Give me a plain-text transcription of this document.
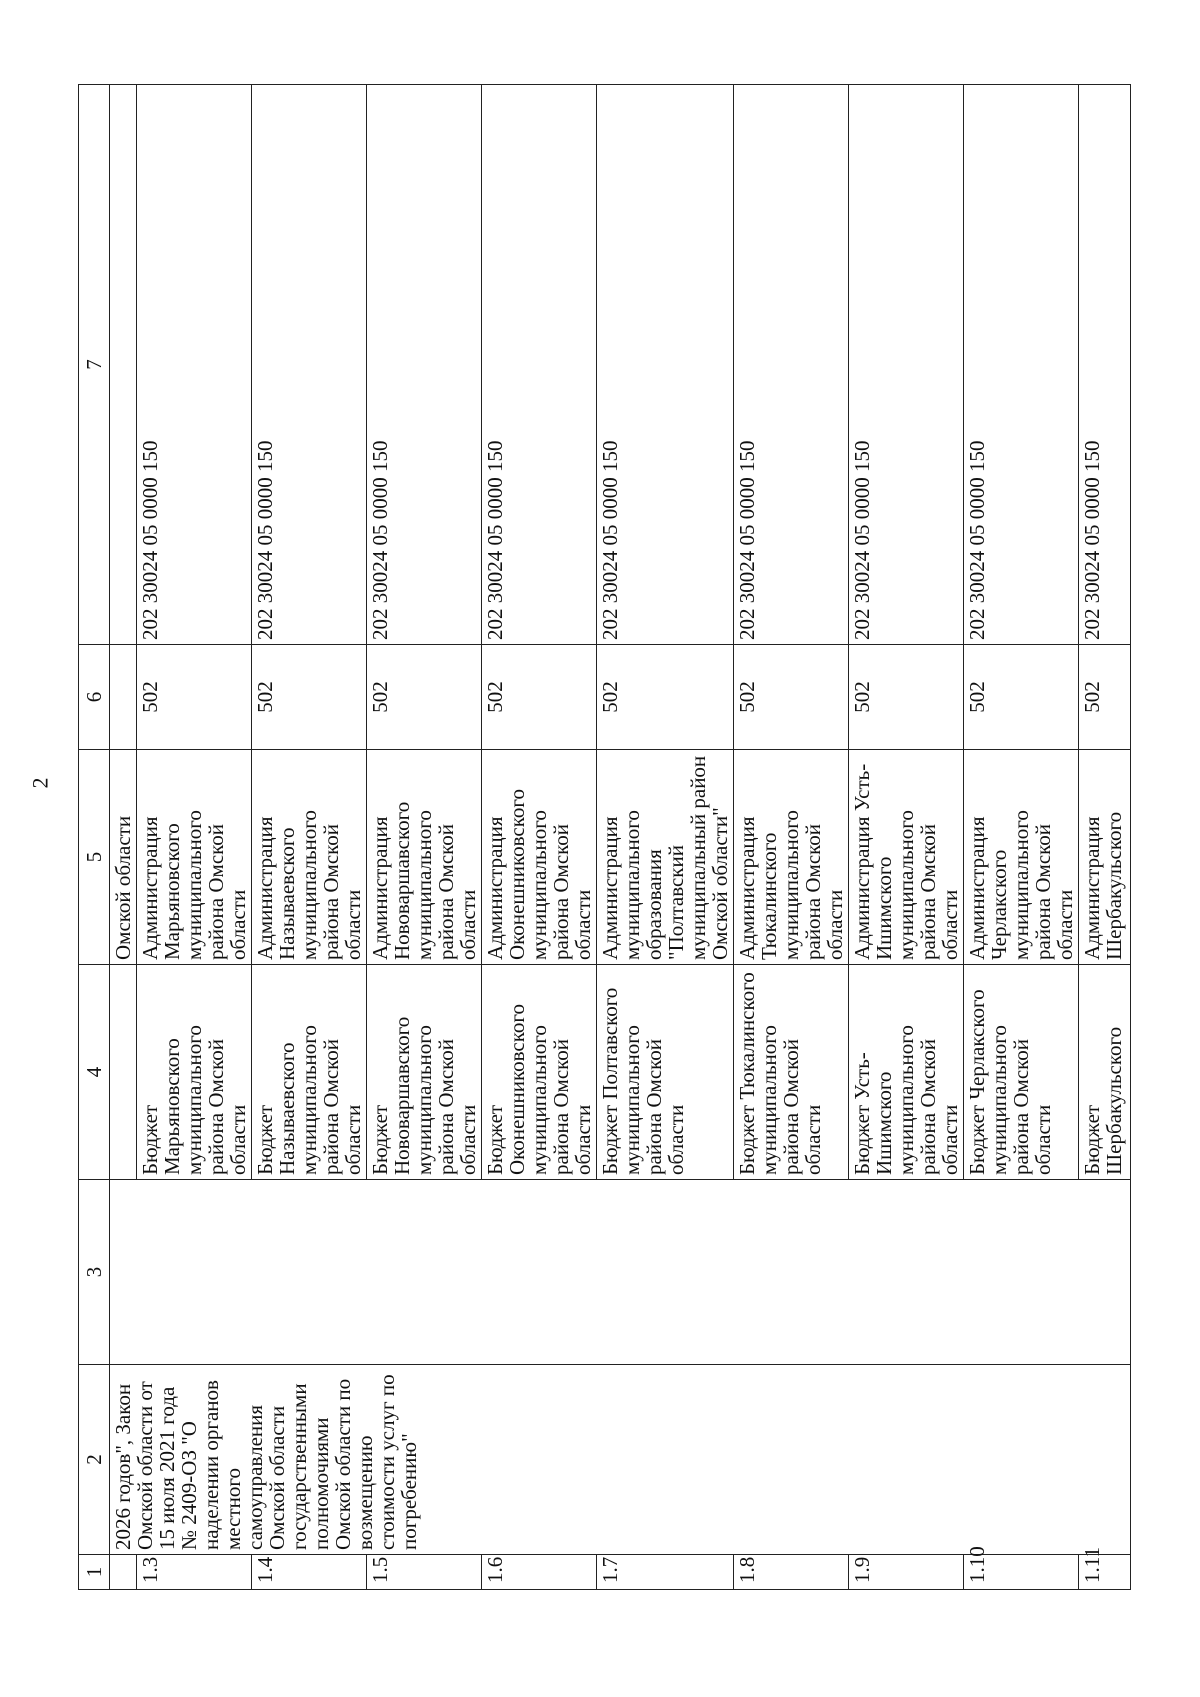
2
1	2	3	4	5	6	7
	2026 годов", Закон Омской области от 15 июля 2021 года № 2409-ОЗ "О наделении органов местного самоуправления Омской области государственными полномочиями Омской области по возмещению стоимости услуг по погребению"			Омской области		
1.3			Бюджет Марьяновского муниципального района Омской области	Администрация Марьяновского муниципального района Омской области	502	202 30024 05 0000 150
1.4			Бюджет Называевского муниципального района Омской области	Администрация Называевского муниципального района Омской области	502	202 30024 05 0000 150
1.5			Бюджет Нововаршавского муниципального района Омской области	Администрация Нововаршавского муниципального района Омской области	502	202 30024 05 0000 150
1.6			Бюджет Оконешниковского муниципального района Омской области	Администрация Оконешниковского муниципального района Омской области	502	202 30024 05 0000 150
1.7			Бюджет Полтавского муниципального района Омской области	Администрация муниципального образования "Полтавский муниципальный район Омской области"	502	202 30024 05 0000 150
1.8			Бюджет Тюкалинского муниципального района Омской области	Администрация Тюкалинского муниципального района Омской области	502	202 30024 05 0000 150
1.9			Бюджет Усть-Ишимского муниципального района Омской области	Администрация Усть-Ишимского муниципального района Омской области	502	202 30024 05 0000 150
1.10			Бюджет Черлакского муниципального района Омской области	Администрация Черлакского муниципального района Омской области	502	202 30024 05 0000 150
1.11			Бюджет Шербакульского	Администрация Шербакульского	502	202 30024 05 0000 150
